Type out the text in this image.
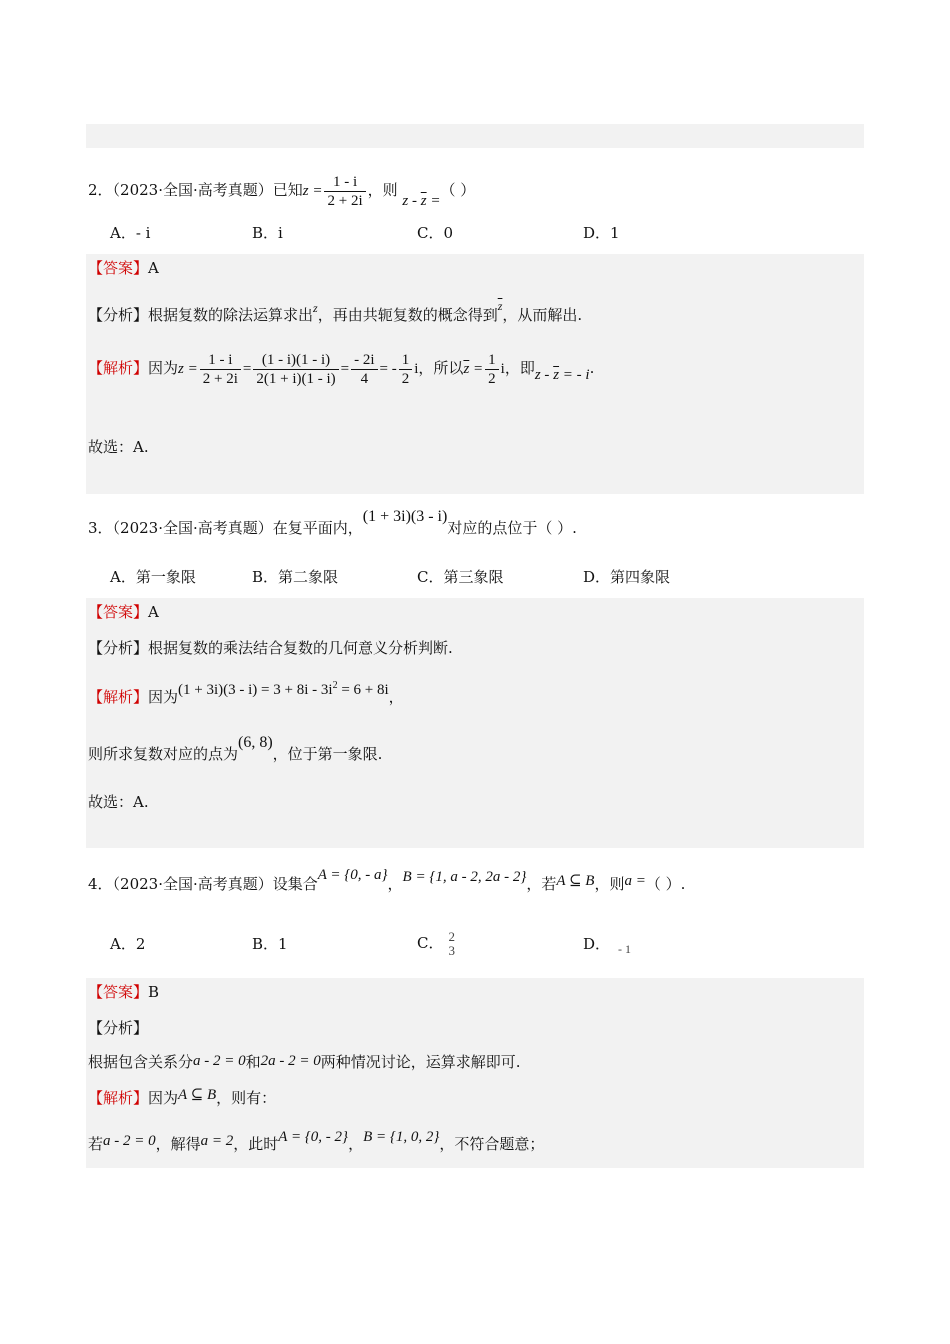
2．（2023·全国·高考真题）已知$z = \frac{1 - i}{2 + 2i}$ ，则 z - $\overline{z}$ =（ ）
A．- i	B．i	C．0	D．1
【答案】A
【分析】根据复数的除法运算求出$^z$，再由共轭复数的概念得到$^{\overline{z}}$，从而解出.
【解析】因为$z = \frac{1 - i}{2 + 2i} = \frac{(1 - i)(1 - i)}{2(1 + i)(1 - i)} = \frac{- 2i}{4}$ = - $\frac{1}{2}$ i，所以$\overline{z} = \frac{1}{2}$ i，即z - $\overline{z}$ = - i.
故选：A.
3．（2023·全国·高考真题）在复平面内，(1 + 3i)(3 - i)对应的点位于（ ）.
A．第一象限	B．第二象限	C．第三象限	D．第四象限
【答案】A
【分析】根据复数的乘法结合复数的几何意义分析判断.
【解析】因为$(1 + 3i)(3 - i) = 3 + 8i - 3i^2 = 6 + 8i$，
则所求复数对应的点为(6, 8)，位于第一象限.
故选：A.
4．（2023·全国·高考真题）设集合A = {0, - a}，B = {1, a - 2, 2a - 2}，若A ⊆ B，则a =（ ）.
A．2	B．1	C． 2
3	D． $_{- 1}$
【答案】B
【分析】
根据包含关系分a - 2 = 0和2a - 2 = 0两种情况讨论，运算求解即可.
【解析】因为A ⊆ B，则有：
若a - 2 = 0，解得a = 2，此时A = {0, - 2}，B = {1, 0, 2}，不符合题意；
